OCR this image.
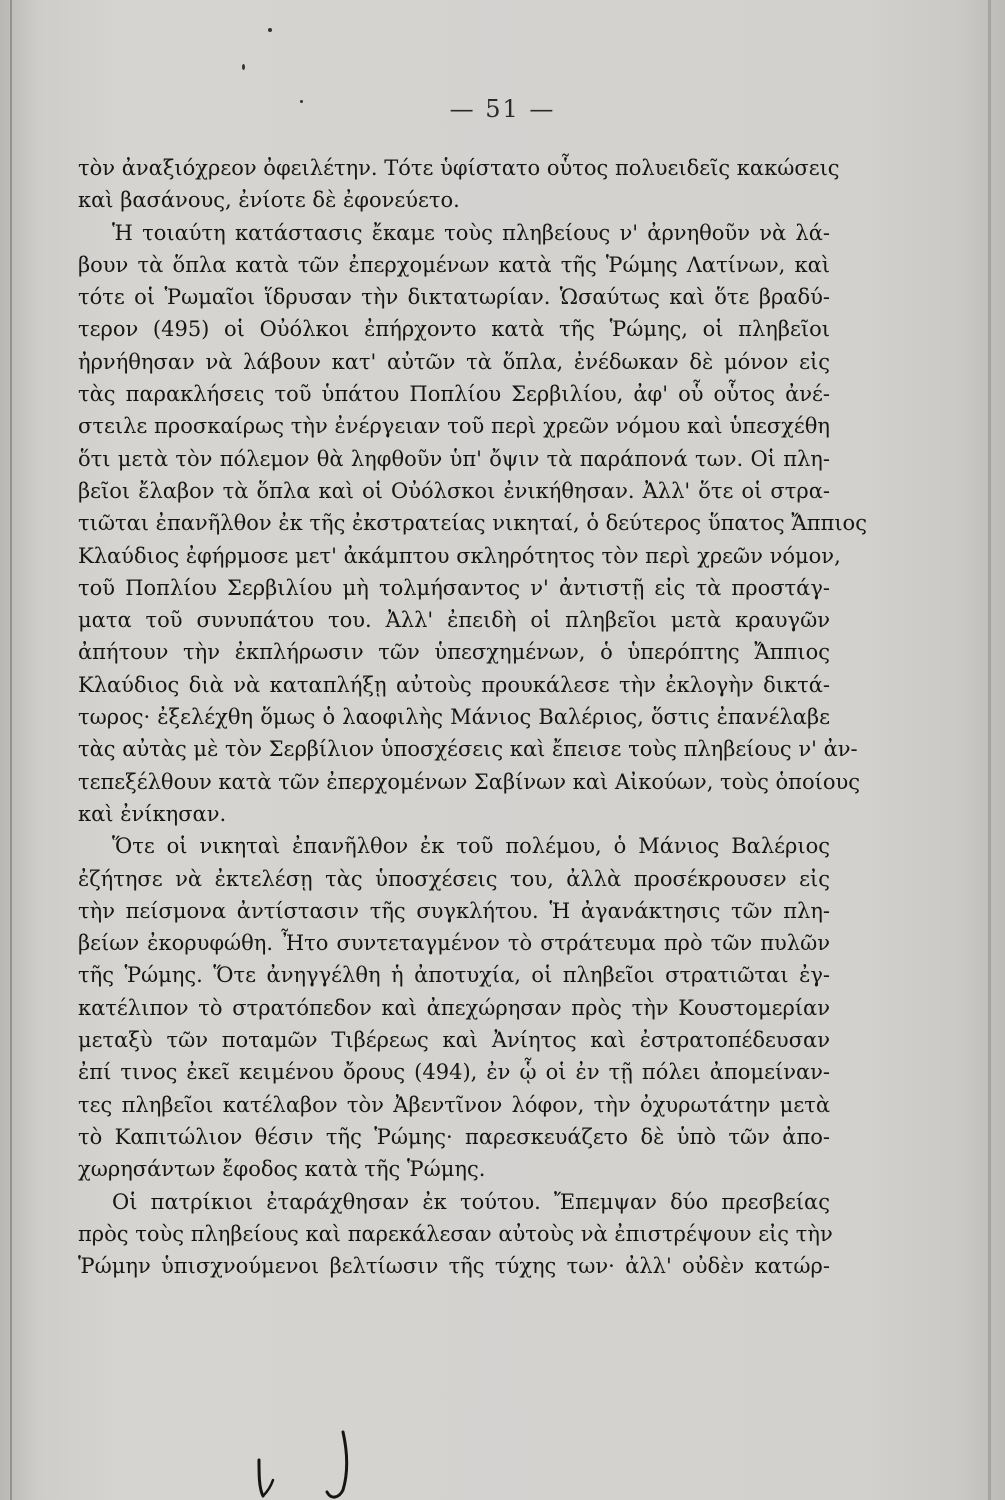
— 51 —
τὸν ἀναξιόχρεον ὀφειλέτην. Τότε ὑφίστατο οὗτος πολυειδεῖς κακώσεις
καὶ βασάνους, ἐνίοτε δὲ ἐφονεύετο.
Ἡ τοιαύτη κατάστασις ἔκαμε τοὺς πληβείους ν' ἀρνηθοῦν νὰ λά-
βουν τὰ ὅπλα κατὰ τῶν ἐπερχομένων κατὰ τῆς Ῥώμης Λατίνων, καὶ
τότε οἱ Ῥωμαῖοι ἵδρυσαν τὴν δικτατωρίαν. Ὡσαύτως καὶ ὅτε βραδύ-
τερον (495) οἱ Οὐόλκοι ἐπήρχοντο κατὰ τῆς Ῥώμης, οἱ πληβεῖοι
ἠρνήθησαν νὰ λάβουν κατ' αὐτῶν τὰ ὅπλα, ἐνέδωκαν δὲ μόνον εἰς
τὰς παρακλήσεις τοῦ ὑπάτου Ποπλίου Σερβιλίου, ἀφ' οὗ οὗτος ἀνέ-
στειλε προσκαίρως τὴν ἐνέργειαν τοῦ περὶ χρεῶν νόμου καὶ ὑπεσχέθη
ὅτι μετὰ τὸν πόλεμον θὰ ληφθοῦν ὑπ' ὄψιν τὰ παράπονά των. Οἱ πλη-
βεῖοι ἔλαβον τὰ ὅπλα καὶ οἱ Οὐόλσκοι ἐνικήθησαν. Ἀλλ' ὅτε οἱ στρα-
τιῶται ἐπανῆλθον ἐκ τῆς ἐκστρατείας νικηταί, ὁ δεύτερος ὕπατος Ἄππιος
Κλαύδιος ἐφήρμοσε μετ' ἀκάμπτου σκληρότητος τὸν περὶ χρεῶν νόμον,
τοῦ Ποπλίου Σερβιλίου μὴ τολμήσαντος ν' ἀντιστῇ εἰς τὰ προστάγ-
ματα τοῦ συνυπάτου του. Ἀλλ' ἐπειδὴ οἱ πληβεῖοι μετὰ κραυγῶν
ἀπήτουν τὴν ἐκπλήρωσιν τῶν ὑπεσχημένων, ὁ ὑπερόπτης Ἄππιος
Κλαύδιος διὰ νὰ καταπλήξῃ αὐτοὺς προυκάλεσε τὴν ἐκλογὴν δικτά-
τωρος· ἐξελέχθη ὅμως ὁ λαοφιλὴς Μάνιος Βαλέριος, ὅστις ἐπανέλαβε
τὰς αὐτὰς μὲ τὸν Σερβίλιον ὑποσχέσεις καὶ ἔπεισε τοὺς πληβείους ν' ἀν-
τεπεξέλθουν κατὰ τῶν ἐπερχομένων Σαβίνων καὶ Αἰκούων, τοὺς ὁποίους
καὶ ἐνίκησαν.
Ὅτε οἱ νικηταὶ ἐπανῆλθον ἐκ τοῦ πολέμου, ὁ Μάνιος Βαλέριος
ἐζήτησε νὰ ἐκτελέσῃ τὰς ὑποσχέσεις του, ἀλλὰ προσέκρουσεν εἰς
τὴν πείσμονα ἀντίστασιν τῆς συγκλήτου. Ἡ ἀγανάκτησις τῶν πλη-
βείων ἐκορυφώθη. Ἦτο συντεταγμένον τὸ στράτευμα πρὸ τῶν πυλῶν
τῆς Ῥώμης. Ὅτε ἀνηγγέλθη ἡ ἀποτυχία, οἱ πληβεῖοι στρατιῶται ἐγ-
κατέλιπον τὸ στρατόπεδον καὶ ἀπεχώρησαν πρὸς τὴν Κουστομερίαν
μεταξὺ τῶν ποταμῶν Τιβέρεως καὶ Ἀνίητος καὶ ἐστρατοπέδευσαν
ἐπί τινος ἐκεῖ κειμένου ὄρους (494), ἐν ᾧ οἱ ἐν τῇ πόλει ἀπομείναν-
τες πληβεῖοι κατέλαβον τὸν Ἀβεντῖνον λόφον, τὴν ὀχυρωτάτην μετὰ
τὸ Καπιτώλιον θέσιν τῆς Ῥώμης· παρεσκευάζετο δὲ ὑπὸ τῶν ἀπο-
χωρησάντων ἔφοδος κατὰ τῆς Ῥώμης.
Οἱ πατρίκιοι ἐταράχθησαν ἐκ τούτου. Ἔπεμψαν δύο πρεσβείας
πρὸς τοὺς πληβείους καὶ παρεκάλεσαν αὐτοὺς νὰ ἐπιστρέψουν εἰς τὴν
Ῥώμην ὑπισχνούμενοι βελτίωσιν τῆς τύχης των· ἀλλ' οὐδὲν κατώρ-
